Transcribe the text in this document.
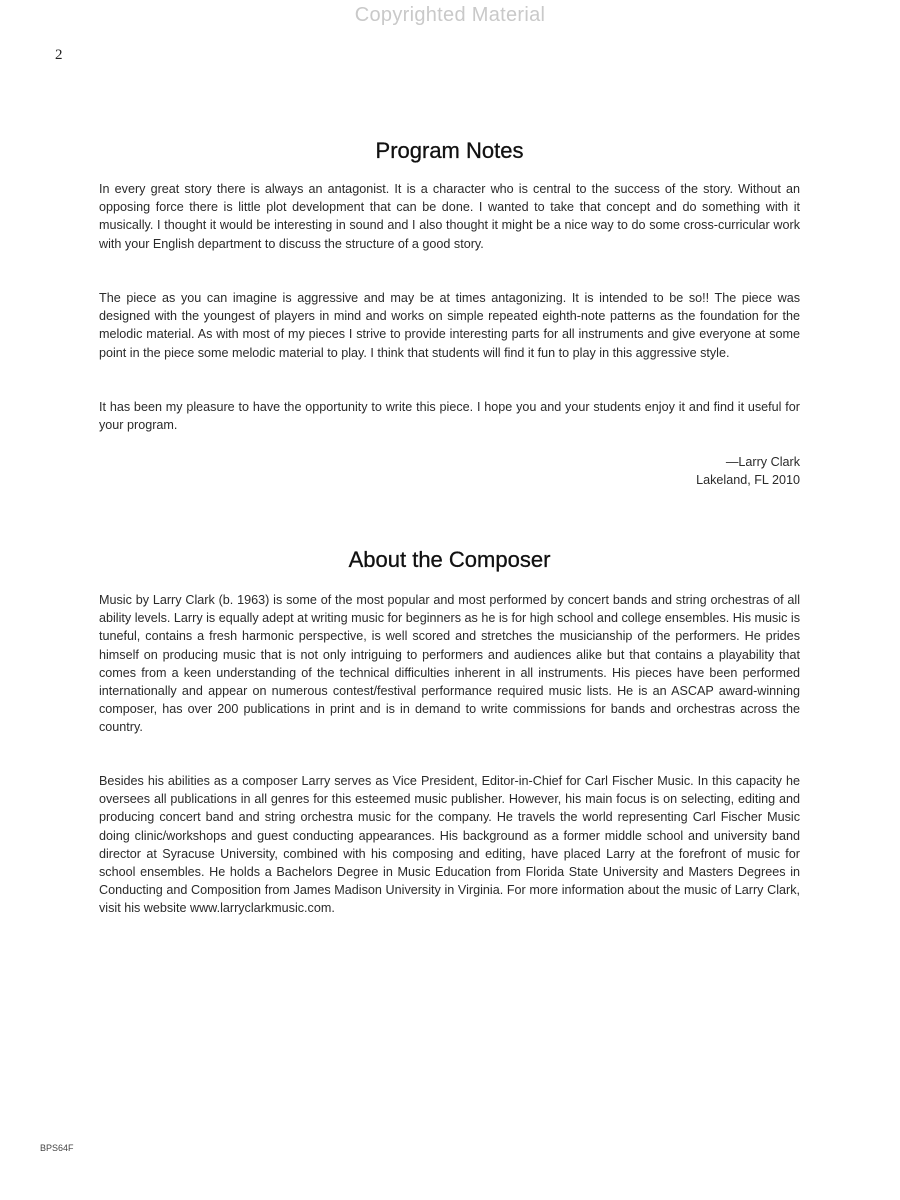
Copyrighted Material
2
Program Notes

In every great story there is always an antagonist. It is a character who is central to the success of the story. Without an opposing force there is little plot development that can be done. I wanted to take that concept and do something with it musically. I thought it would be interesting in sound and I also thought it might be a nice way to do some cross-curricular work with your English department to discuss the structure of a good story.

The piece as you can imagine is aggressive and may be at times antagonizing. It is intended to be so!! The piece was designed with the youngest of players in mind and works on simple repeated eighth-note patterns as the foundation for the melodic material. As with most of my pieces I strive to provide interesting parts for all instruments and give everyone at some point in the piece some melodic material to play. I think that students will find it fun to play in this aggressive style.

It has been my pleasure to have the opportunity to write this piece. I hope you and your students enjoy it and find it useful for your program.

—Larry Clark
Lakeland, FL 2010
About the Composer

Music by Larry Clark (b. 1963) is some of the most popular and most performed by concert bands and string orchestras of all ability levels. Larry is equally adept at writing music for beginners as he is for high school and college ensembles. His music is tuneful, contains a fresh harmonic perspective, is well scored and stretches the musicianship of the performers. He prides himself on producing music that is not only intriguing to performers and audiences alike but that contains a playability that comes from a keen understanding of the technical difficulties inherent in all instruments. His pieces have been performed internationally and appear on numerous contest/festival performance required music lists. He is an ASCAP award-winning composer, has over 200 publications in print and is in demand to write commissions for bands and orchestras across the country.

Besides his abilities as a composer Larry serves as Vice President, Editor-in-Chief for Carl Fischer Music. In this capacity he oversees all publications in all genres for this esteemed music publisher. However, his main focus is on selecting, editing and producing concert band and string orchestra music for the company. He travels the world representing Carl Fischer Music doing clinic/workshops and guest conducting appearances. His background as a former middle school and university band director at Syracuse University, combined with his composing and editing, have placed Larry at the forefront of music for school ensembles. He holds a Bachelors Degree in Music Education from Florida State University and Masters Degrees in Conducting and Composition from James Madison University in Virginia. For more information about the music of Larry Clark, visit his website www.larryclarkmusic.com.

BPS64F
